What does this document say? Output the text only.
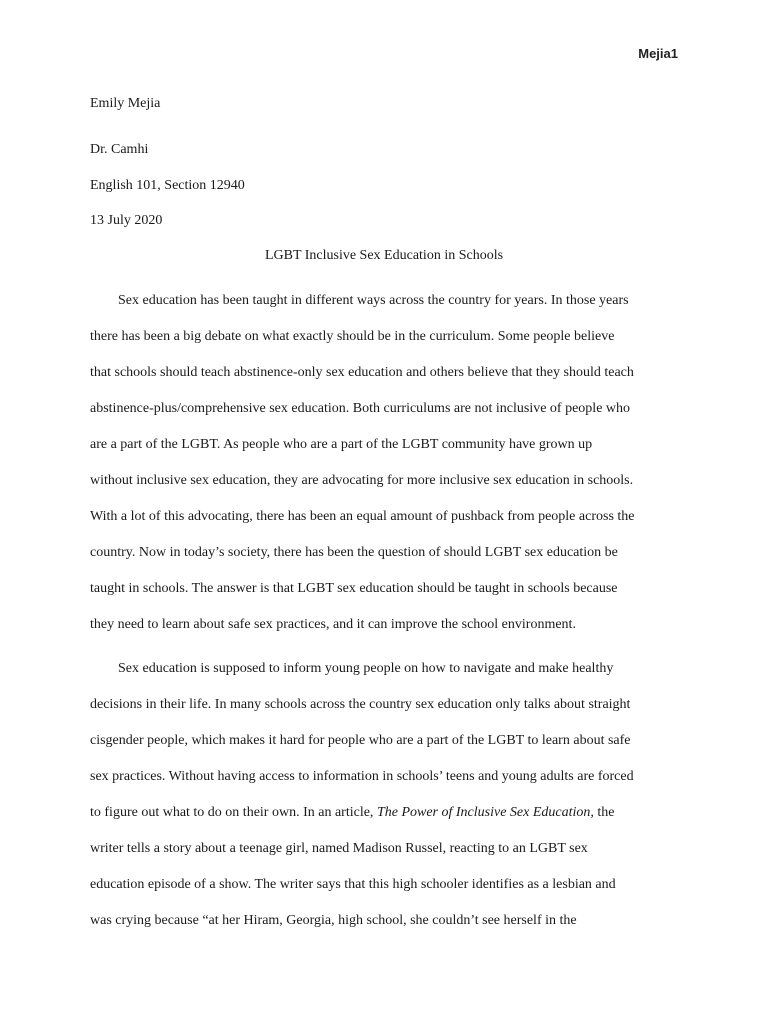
Mejia1
Emily Mejia
Dr. Camhi
English 101, Section 12940
13 July 2020
LGBT Inclusive Sex Education in Schools

Sex education has been taught in different ways across the country for years. In those years
there has been a big debate on what exactly should be in the curriculum. Some people believe
that schools should teach abstinence-only sex education and others believe that they should teach
abstinence-plus/comprehensive sex education. Both curriculums are not inclusive of people who
are a part of the LGBT. As people who are a part of the LGBT community have grown up
without inclusive sex education, they are advocating for more inclusive sex education in schools.
With a lot of this advocating, there has been an equal amount of pushback from people across the
country. Now in today’s society, there has been the question of should LGBT sex education be
taught in schools. The answer is that LGBT sex education should be taught in schools because
they need to learn about safe sex practices, and it can improve the school environment.

Sex education is supposed to inform young people on how to navigate and make healthy
decisions in their life. In many schools across the country sex education only talks about straight
cisgender people, which makes it hard for people who are a part of the LGBT to learn about safe
sex practices. Without having access to information in schools’ teens and young adults are forced
to figure out what to do on their own. In an article, The Power of Inclusive Sex Education, the
writer tells a story about a teenage girl, named Madison Russel, reacting to an LGBT sex
education episode of a show. The writer says that this high schooler identifies as a lesbian and
was crying because “at her Hiram, Georgia, high school, she couldn’t see herself in the
